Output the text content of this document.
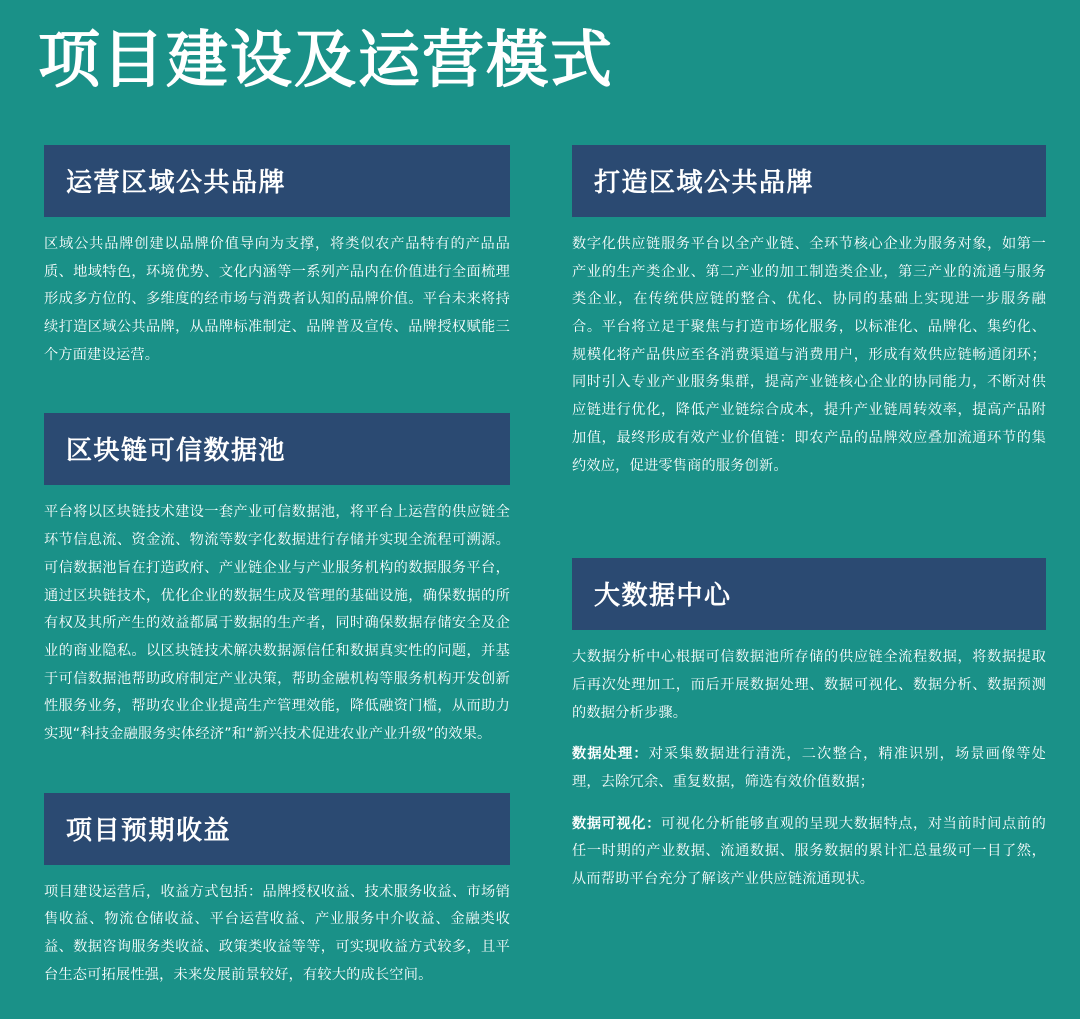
项目建设及运营模式
运营区域公共品牌

区域公共品牌创建以品牌价值导向为支撑，将类似农产品特有的产品品质、地域特色，环境优势、文化内涵等一系列产品内在价值进行全面梳理形成多方位的、多维度的经市场与消费者认知的品牌价值。平台未来将持续打造区域公共品牌，从品牌标准制定、品牌普及宣传、品牌授权赋能三个方面建设运营。

区块链可信数据池

平台将以区块链技术建设一套产业可信数据池，将平台上运营的供应链全环节信息流、资金流、物流等数字化数据进行存储并实现全流程可溯源。可信数据池旨在打造政府、产业链企业与产业服务机构的数据服务平台，通过区块链技术，优化企业的数据生成及管理的基础设施，确保数据的所有权及其所产生的效益都属于数据的生产者，同时确保数据存储安全及企业的商业隐私。以区块链技术解决数据源信任和数据真实性的问题，并基于可信数据池帮助政府制定产业决策，帮助金融机构等服务机构开发创新性服务业务，帮助农业企业提高生产管理效能，降低融资门槛，从而助力实现“科技金融服务实体经济”和“新兴技术促进农业产业升级”的效果。

项目预期收益

项目建设运营后，收益方式包括：品牌授权收益、技术服务收益、市场销售收益、物流仓储收益、平台运营收益、产业服务中介收益、金融类收益、数据咨询服务类收益、政策类收益等等，可实现收益方式较多，且平台生态可拓展性强，未来发展前景较好，有较大的成长空间。

打造区域公共品牌

数字化供应链服务平台以全产业链、全环节核心企业为服务对象，如第一产业的生产类企业、第二产业的加工制造类企业，第三产业的流通与服务类企业，在传统供应链的整合、优化、协同的基础上实现进一步服务融合。平台将立足于聚焦与打造市场化服务，以标准化、品牌化、集约化、规模化将产品供应至各消费渠道与消费用户，形成有效供应链畅通闭环；同时引入专业产业服务集群，提高产业链核心企业的协同能力，不断对供应链进行优化，降低产业链综合成本，提升产业链周转效率，提高产品附加值，最终形成有效产业价值链：即农产品的品牌效应叠加流通环节的集约效应，促进零售商的服务创新。

大数据中心

大数据分析中心根据可信数据池所存储的供应链全流程数据，将数据提取后再次处理加工，而后开展数据处理、数据可视化、数据分析、数据预测的数据分析步骤。

数据处理：对采集数据进行清洗，二次整合，精准识别，场景画像等处理，去除冗余、重复数据，筛选有效价值数据；

数据可视化：可视化分析能够直观的呈现大数据特点，对当前时间点前的任一时期的产业数据、流通数据、服务数据的累计汇总量级可一目了然，从而帮助平台充分了解该产业供应链流通现状。
